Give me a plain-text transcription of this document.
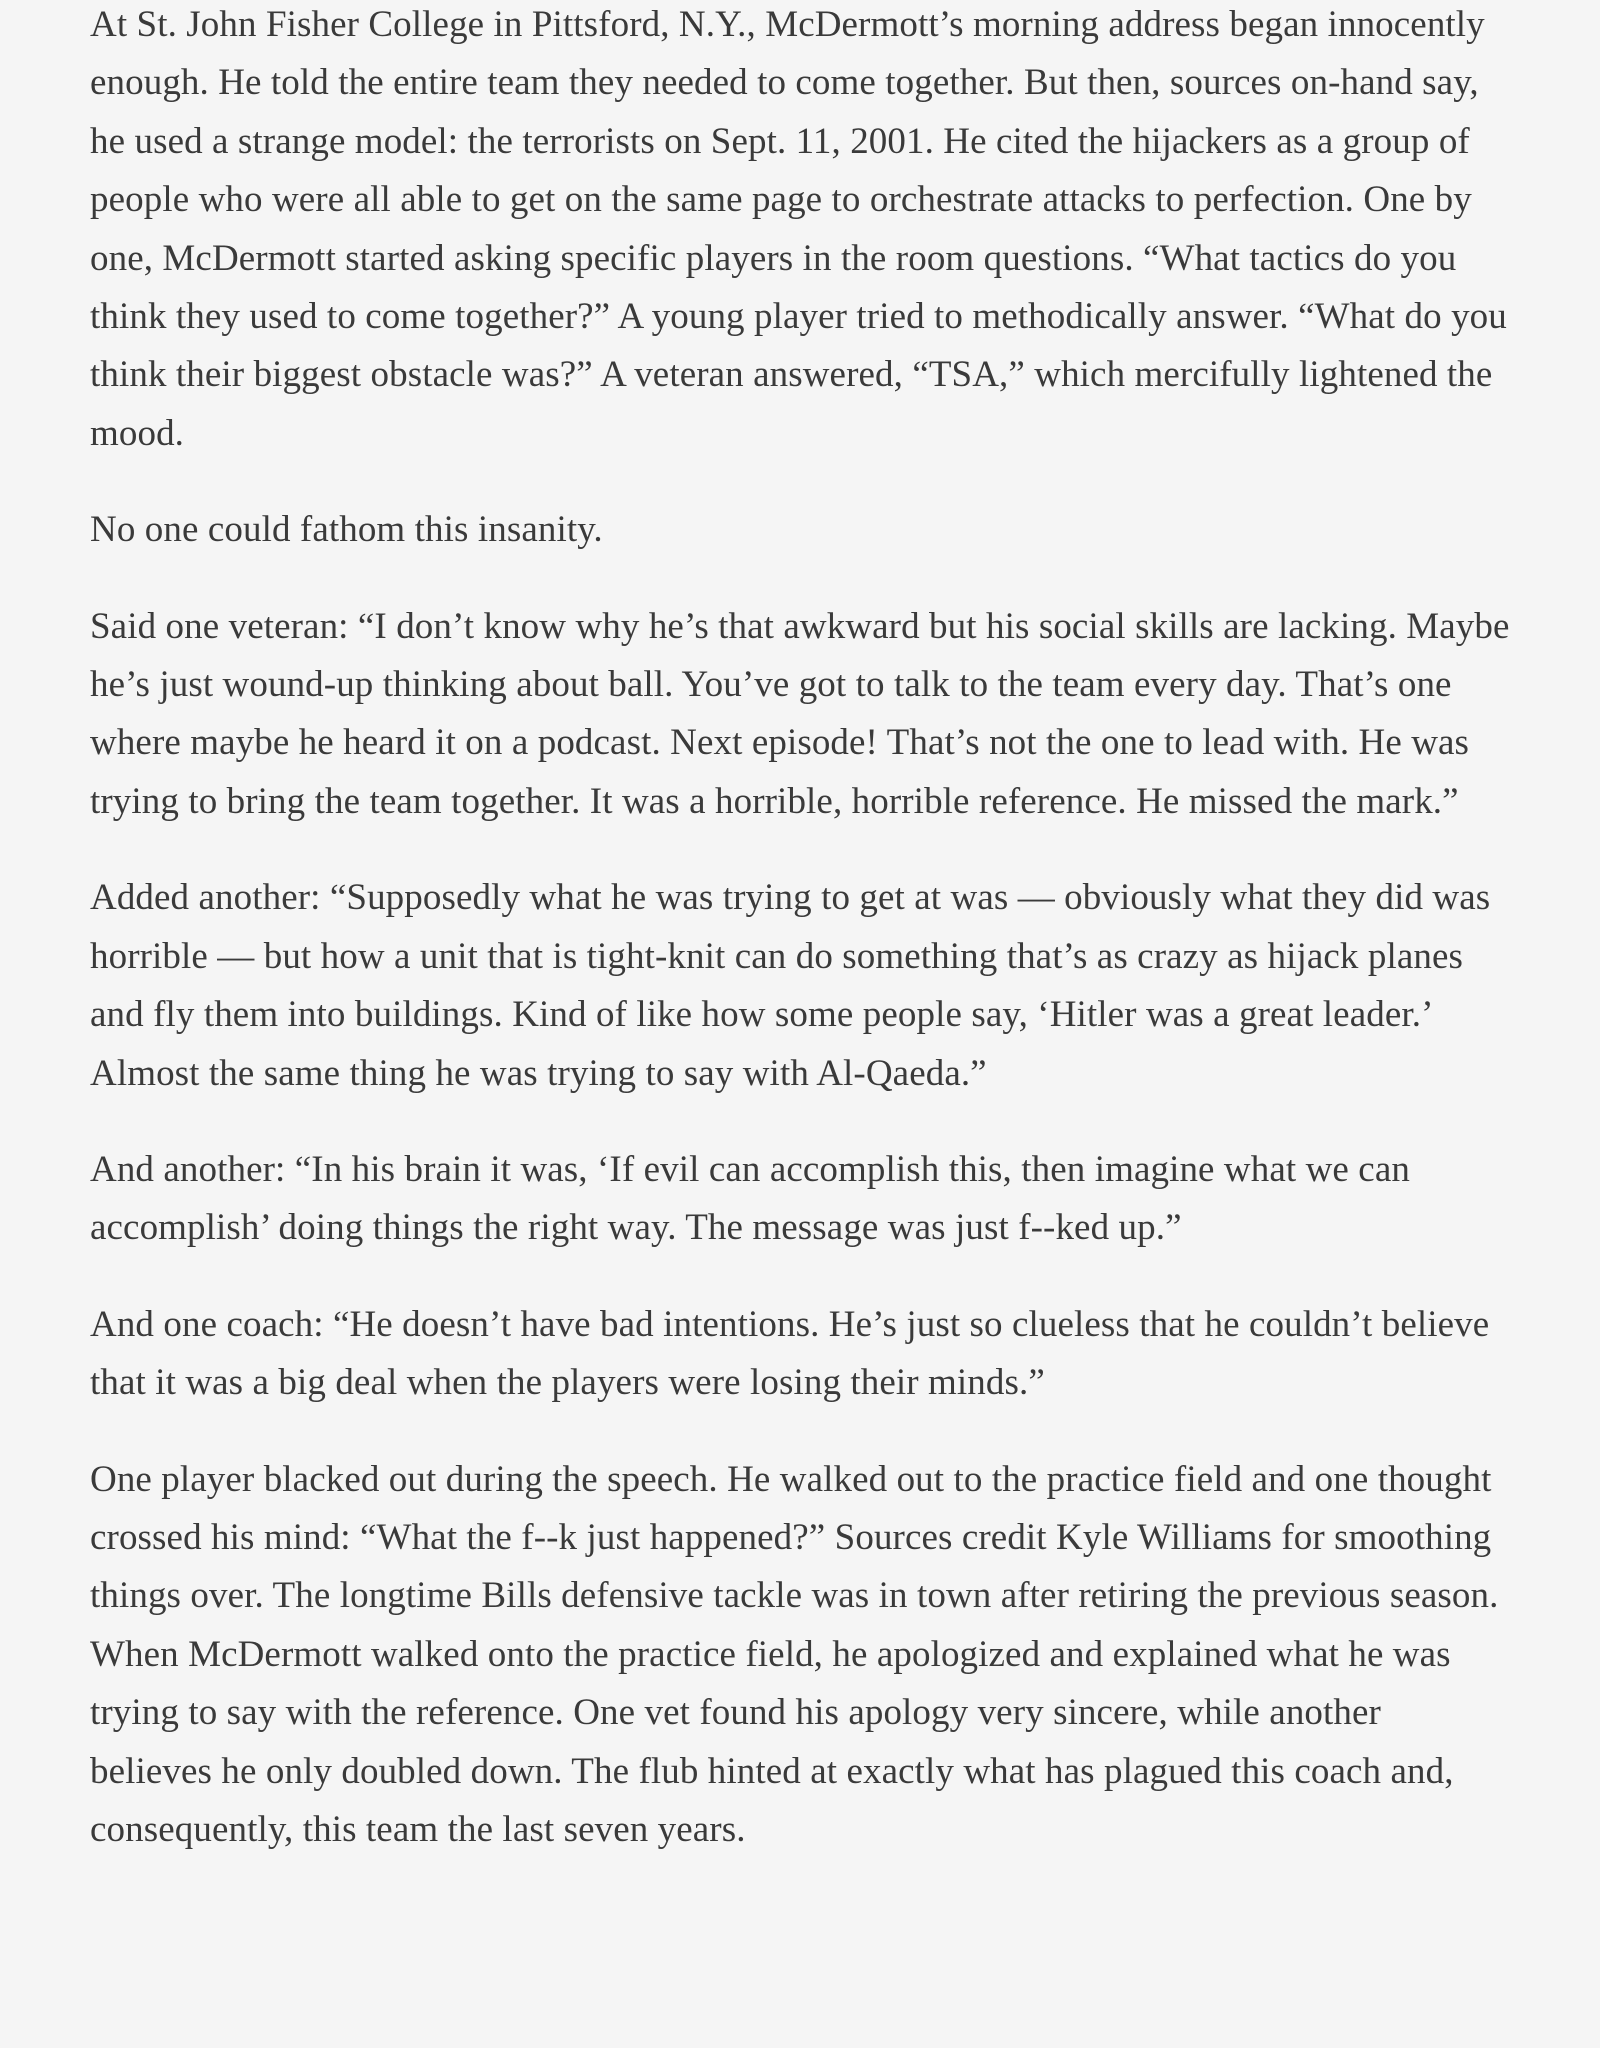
At St. John Fisher College in Pittsford, N.Y., McDermott’s morning address began innocently enough. He told the entire team they needed to come together. But then, sources on-hand say, he used a strange model: the terrorists on Sept. 11, 2001. He cited the hijackers as a group of people who were all able to get on the same page to orchestrate attacks to perfection. One by one, McDermott started asking specific players in the room questions. “What tactics do you think they used to come together?” A young player tried to methodically answer. “What do you think their biggest obstacle was?” A veteran answered, “TSA,” which mercifully lightened the mood.

No one could fathom this insanity.

Said one veteran: “I don’t know why he’s that awkward but his social skills are lacking. Maybe he’s just wound-up thinking about ball. You’ve got to talk to the team every day. That’s one where maybe he heard it on a podcast. Next episode! That’s not the one to lead with. He was trying to bring the team together. It was a horrible, horrible reference. He missed the mark.”

Added another: “Supposedly what he was trying to get at was — obviously what they did was horrible — but how a unit that is tight-knit can do something that’s as crazy as hijack planes and fly them into buildings. Kind of like how some people say, ‘Hitler was a great leader.’ Almost the same thing he was trying to say with Al-Qaeda.”

And another: “In his brain it was, ‘If evil can accomplish this, then imagine what we can accomplish’ doing things the right way. The message was just f--ked up.”

And one coach: “He doesn’t have bad intentions. He’s just so clueless that he couldn’t believe that it was a big deal when the players were losing their minds.”

One player blacked out during the speech. He walked out to the practice field and one thought crossed his mind: “What the f--k just happened?” Sources credit Kyle Williams for smoothing things over. The longtime Bills defensive tackle was in town after retiring the previous season. When McDermott walked onto the practice field, he apologized and explained what he was trying to say with the reference. One vet found his apology very sincere, while another believes he only doubled down. The flub hinted at exactly what has plagued this coach and, consequently, this team the last seven years.
